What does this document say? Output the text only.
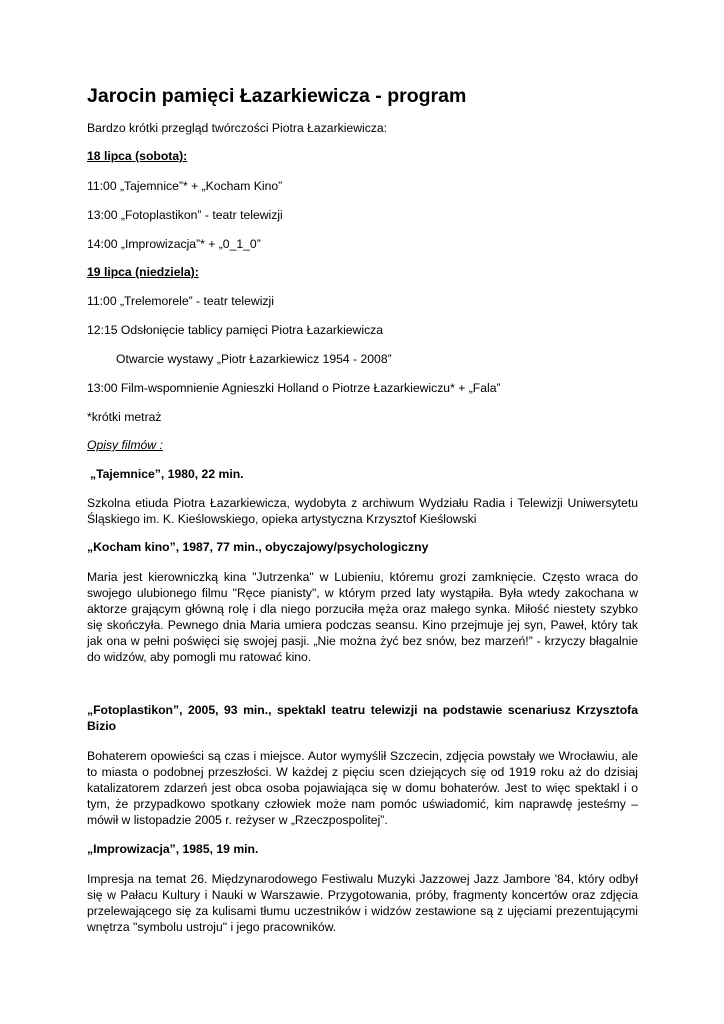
Jarocin pamięci Łazarkiewicza - program
Bardzo krótki przegląd twórczości Piotra Łazarkiewicza:
18 lipca (sobota):
11:00 „Tajemnice”* + „Kocham Kino”
13:00 „Fotoplastikon” - teatr telewizji
14:00 „Improwizacja”* + „0_1_0”
19 lipca (niedziela):
11:00 „Trelemorele” - teatr telewizji
12:15 Odsłonięcie tablicy pamięci Piotra Łazarkiewicza
Otwarcie wystawy „Piotr Łazarkiewicz 1954 - 2008”
13:00 Film-wspomnienie Agnieszki Holland o Piotrze Łazarkiewiczu* + „Fala”
*krótki metraż
Opisy filmów :
„Tajemnice”, 1980, 22 min.
Szkolna etiuda Piotra Łazarkiewicza, wydobyta z archiwum Wydziału Radia i Telewizji Uniwersytetu Śląskiego im. K. Kieślowskiego, opieka artystyczna Krzysztof Kieślowski
„Kocham kino”, 1987, 77 min., obyczajowy/psychologiczny
Maria jest kierowniczką kina "Jutrzenka" w Lubieniu, któremu grozi zamknięcie. Często wraca do swojego ulubionego filmu "Ręce pianisty", w którym przed laty wystąpiła. Była wtedy zakochana w aktorze grającym główną rolę i dla niego porzuciła męża oraz małego synka. Miłość niestety szybko się skończyła. Pewnego dnia Maria umiera podczas seansu. Kino przejmuje jej syn, Paweł, który tak jak ona w pełni poświęci się swojej pasji. „Nie można żyć bez snów, bez marzeń!” - krzyczy błagalnie do widzów, aby pomogli mu ratować kino.
„Fotoplastikon”, 2005, 93 min., spektakl teatru telewizji na podstawie scenariusz Krzysztofa Bizio
Bohaterem opowieści są czas i miejsce. Autor wymyślił Szczecin, zdjęcia powstały we Wrocławiu, ale to miasta o podobnej przeszłości. W każdej z pięciu scen dziejących się od 1919 roku aż do dzisiaj katalizatorem zdarzeń jest obca osoba pojawiająca się w domu bohaterów. Jest to więc spektakl i o tym, że przypadkowo spotkany człowiek może nam pomóc uświadomić, kim naprawdę jesteśmy – mówił w listopadzie 2005 r. reżyser w „Rzeczpospolitej”.
„Improwizacja”, 1985, 19 min.
Impresja na temat 26. Międzynarodowego Festiwalu Muzyki Jazzowej Jazz Jambore '84, który odbył się w Pałacu Kultury i Nauki w Warszawie. Przygotowania, próby, fragmenty koncertów oraz zdjęcia przelewającego się za kulisami tłumu uczestników i widzów zestawione są z ujęciami prezentującymi wnętrza "symbolu ustroju" i jego pracowników.
